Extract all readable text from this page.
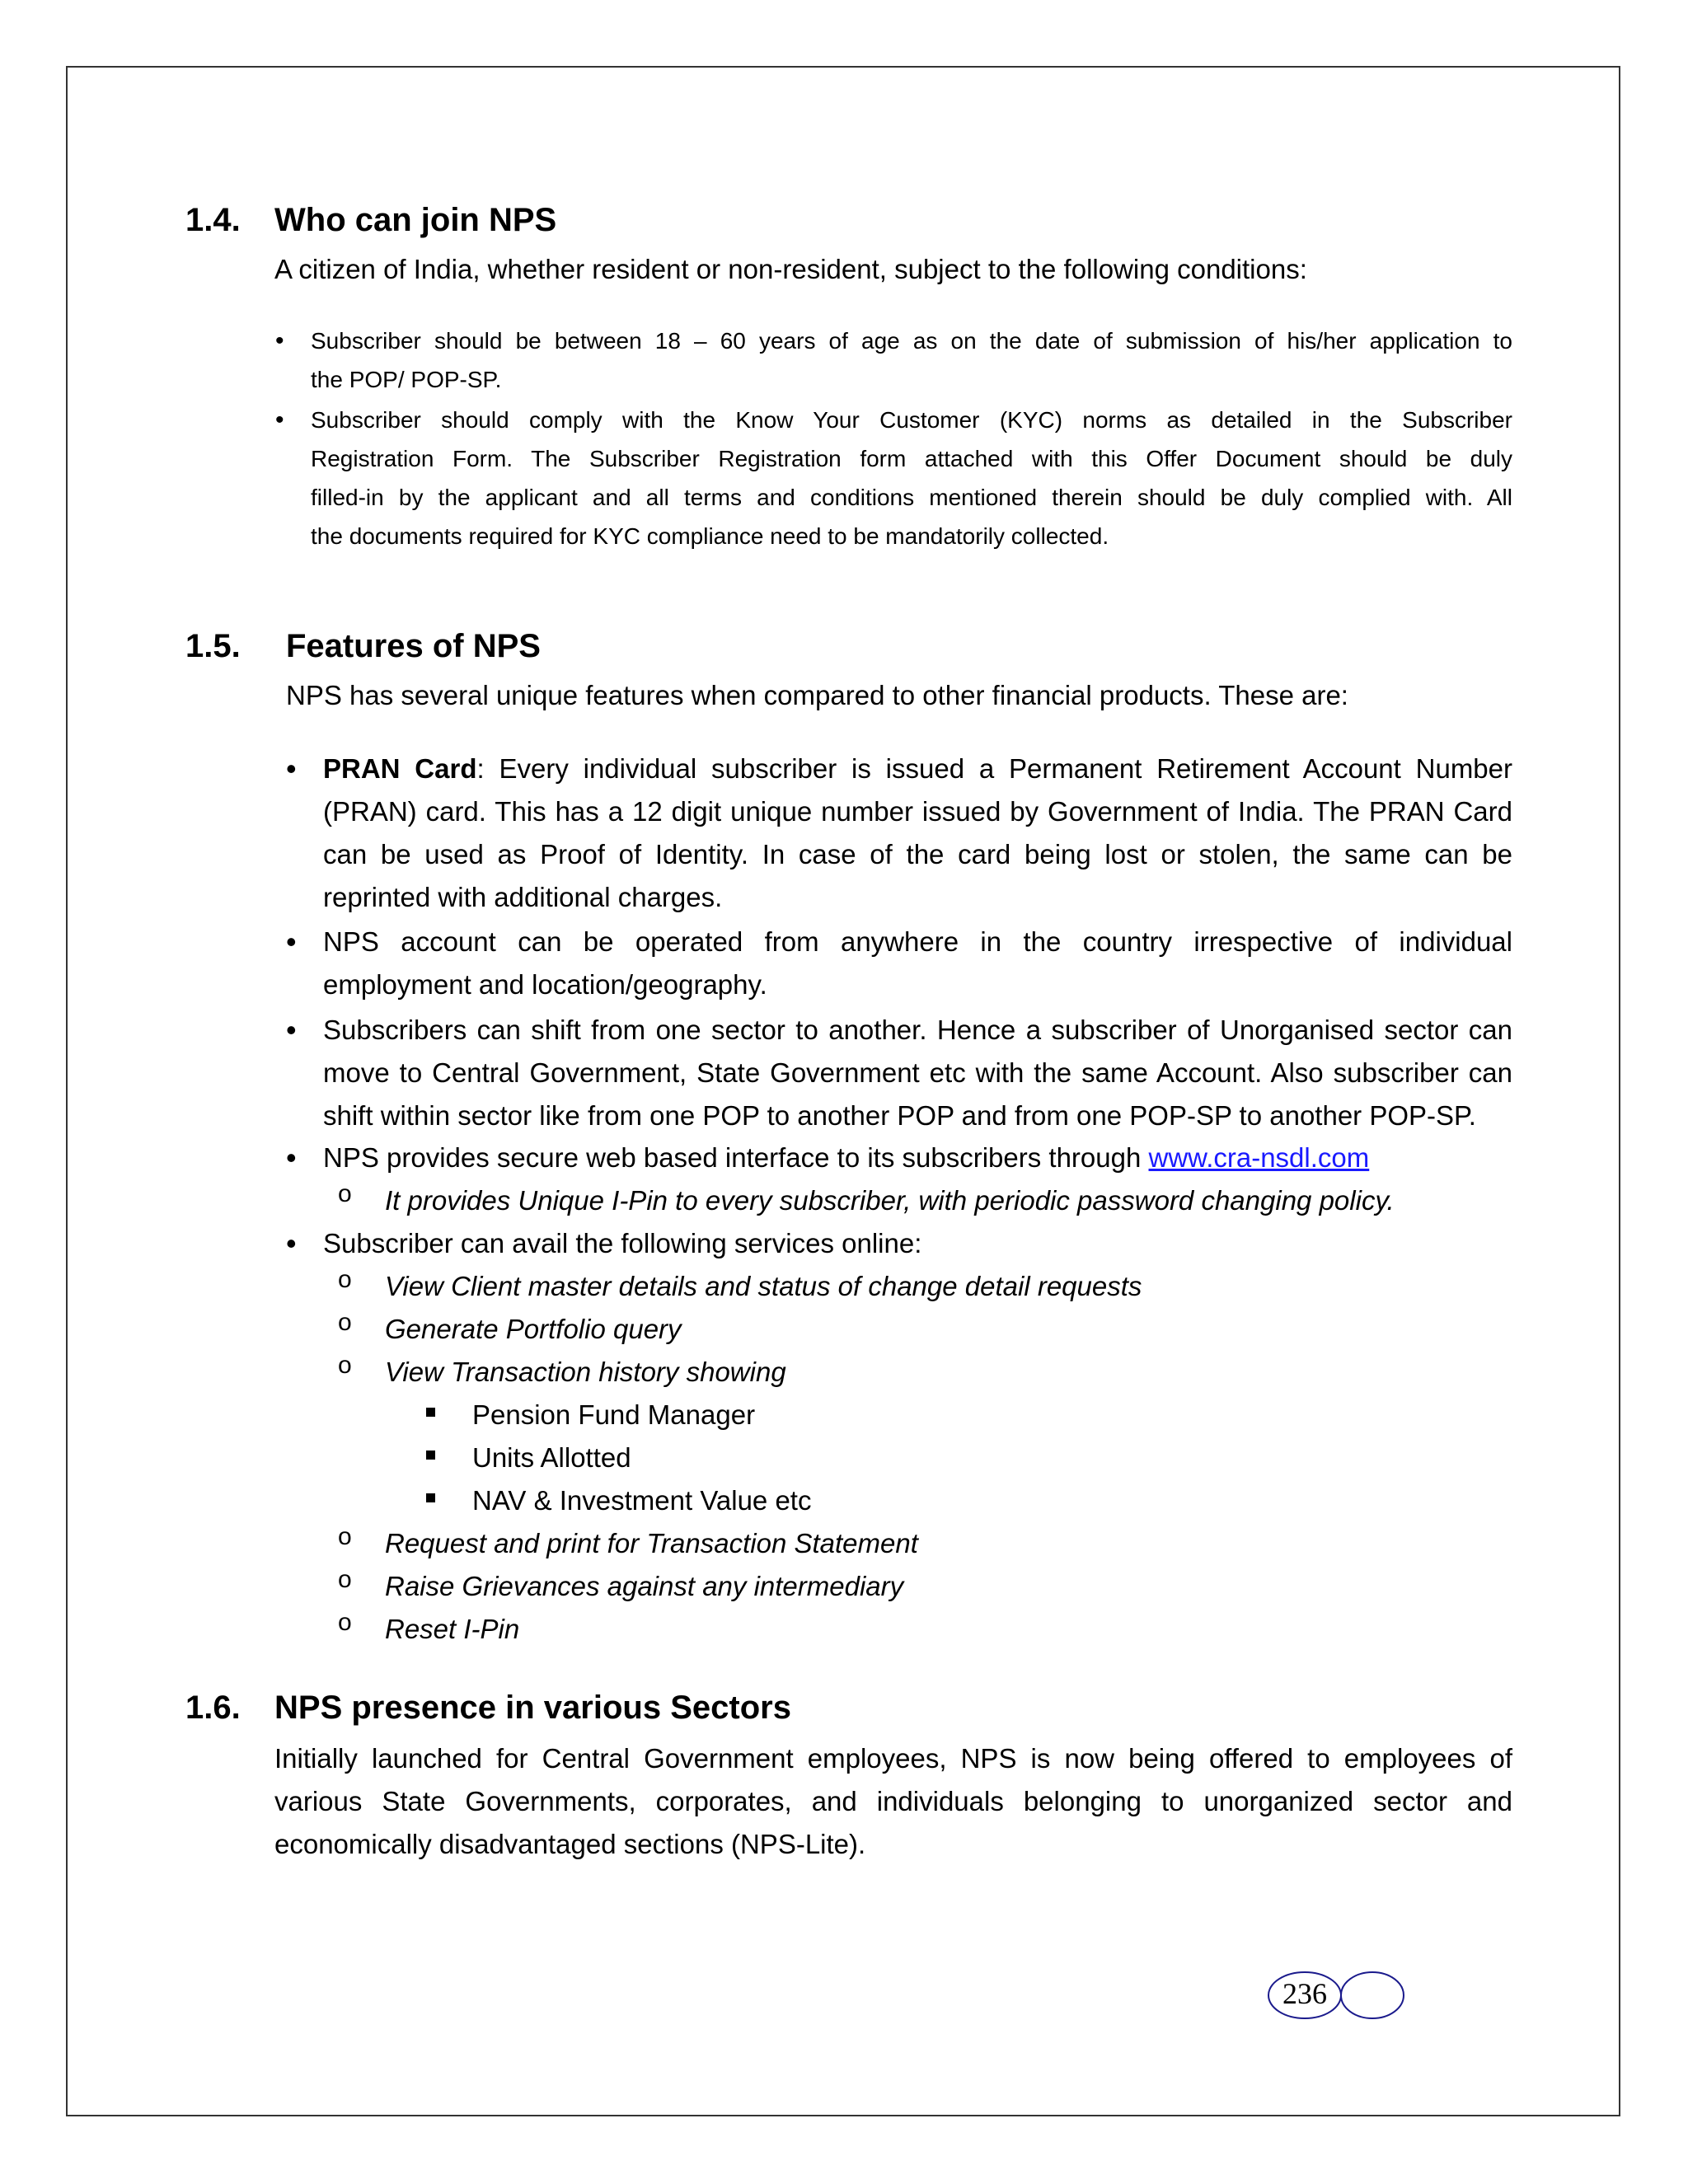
1.4. Who can join NPS
A citizen of India, whether resident or non-resident, subject to the following conditions:
• Subscriber should be between 18 – 60 years of age as on the date of submission of his/her application to
the POP/ POP-SP.
• Subscriber should comply with the Know Your Customer (KYC) norms as detailed in the Subscriber
Registration Form. The Subscriber Registration form attached with this Offer Document should be duly
filled-in by the applicant and all terms and conditions mentioned therein should be duly complied with. All
the documents required for KYC compliance need to be mandatorily collected.
1.5. Features of NPS
NPS has several unique features when compared to other financial products. These are:
• PRAN Card: Every individual subscriber is issued a Permanent Retirement Account Number
(PRAN) card. This has a 12 digit unique number issued by Government of India. The PRAN Card
can be used as Proof of Identity. In case of the card being lost or stolen, the same can be
reprinted with additional charges.
• NPS account can be operated from anywhere in the country irrespective of individual
employment and location/geography.
• Subscribers can shift from one sector to another. Hence a subscriber of Unorganised sector can
move to Central Government, State Government etc with the same Account. Also subscriber can
shift within sector like from one POP to another POP and from one POP-SP to another POP-SP.
• NPS provides secure web based interface to its subscribers through www.cra-nsdl.com
o It provides Unique I-Pin to every subscriber, with periodic password changing policy.
• Subscriber can avail the following services online:
o View Client master details and status of change detail requests
o Generate Portfolio query
o View Transaction history showing
Pension Fund Manager
Units Allotted
NAV & Investment Value etc
o Request and print for Transaction Statement
o Raise Grievances against any intermediary
o Reset I-Pin
1.6. NPS presence in various Sectors
Initially launched for Central Government employees, NPS is now being offered to employees of
various State Governments, corporates, and individuals belonging to unorganized sector and
economically disadvantaged sections (NPS-Lite).
236
